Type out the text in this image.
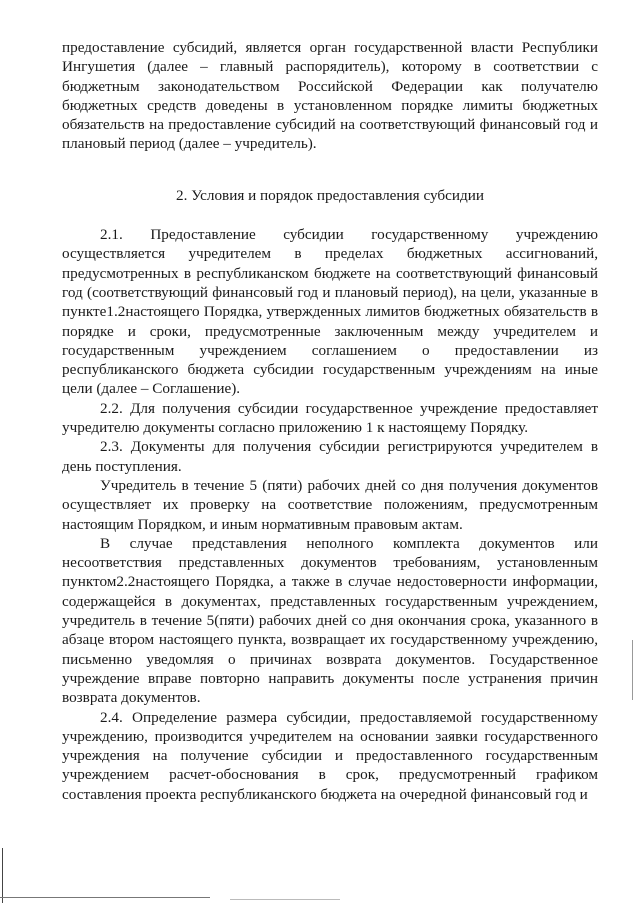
предоставление субсидий, является орган государственной власти Республики Ингушетия (далее – главный распорядитель), которому в соответствии с бюджетным законодательством Российской Федерации как получателю бюджетных средств доведены в установленном порядке лимиты бюджетных обязательств на предоставление субсидий на соответствующий финансовый год и плановый период (далее – учредитель).

2. Условия и порядок предоставления субсидии

2.1. Предоставление субсидии государственному учреждению осуществляется учредителем в пределах бюджетных ассигнований, предусмотренных в республиканском бюджете на соответствующий финансовый год (соответствующий финансовый год и плановый период), на цели, указанные в пункте1.2настоящего Порядка, утвержденных лимитов бюджетных обязательств в порядке и сроки, предусмотренные заключенным между учредителем и государственным учреждением соглашением о предоставлении из республиканского бюджета субсидии государственным учреждениям на иные цели (далее – Соглашение).

2.2. Для получения субсидии государственное учреждение предоставляет учредителю документы согласно приложению 1 к настоящему Порядку.

2.3. Документы для получения субсидии регистрируются учредителем в день поступления.

Учредитель в течение 5 (пяти) рабочих дней со дня получения документов осуществляет их проверку на соответствие положениям, предусмотренным настоящим Порядком, и иным нормативным правовым актам.

В случае представления неполного комплекта документов или несоответствия представленных документов требованиям, установленным пунктом2.2настоящего Порядка, а также в случае недостоверности информации, содержащейся в документах, представленных государственным учреждением, учредитель в течение 5(пяти) рабочих дней со дня окончания срока, указанного в абзаце втором настоящего пункта, возвращает их государственному учреждению, письменно уведомляя о причинах возврата документов. Государственное учреждение вправе повторно направить документы после устранения причин возврата документов.

2.4. Определение размера субсидии, предоставляемой государственному учреждению, производится учредителем на основании заявки государственного учреждения на получение субсидии и предоставленного государственным учреждением расчет-обоснования в срок, предусмотренный графиком составления проекта республиканского бюджета на очередной финансовый год и
